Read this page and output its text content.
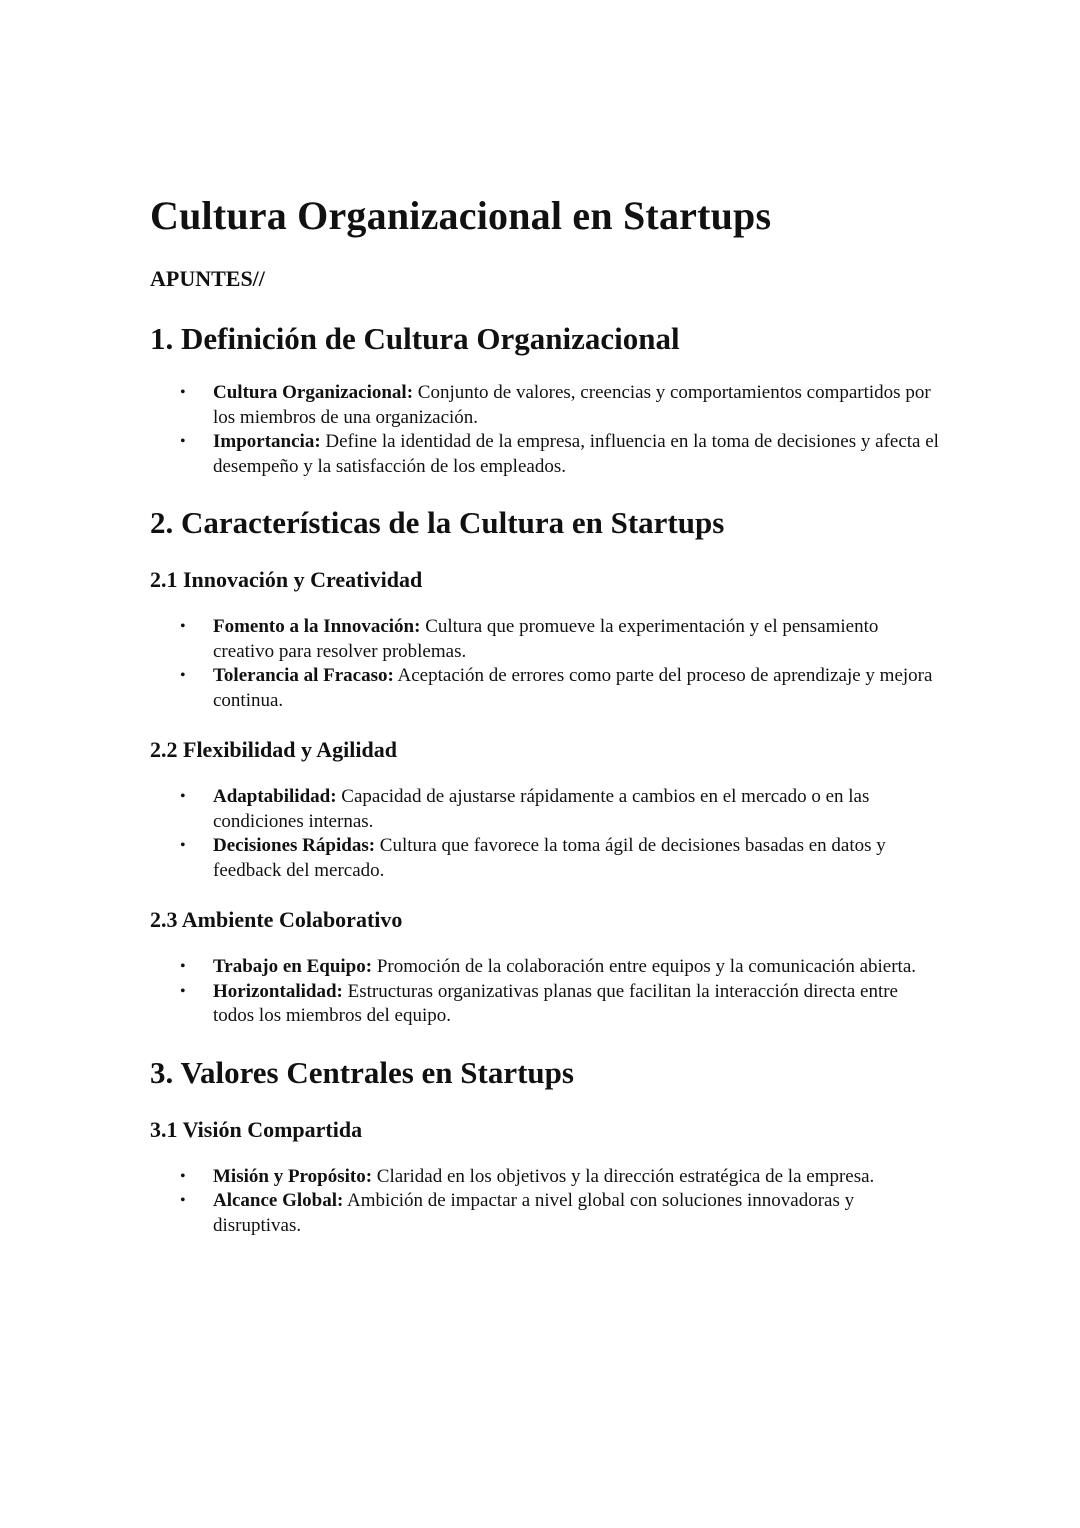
Cultura Organizacional en Startups
APUNTES//
1. Definición de Cultura Organizacional
• Cultura Organizacional: Conjunto de valores, creencias y comportamientos compartidos por los miembros de una organización.
• Importancia: Define la identidad de la empresa, influencia en la toma de decisiones y afecta el desempeño y la satisfacción de los empleados.
2. Características de la Cultura en Startups
2.1 Innovación y Creatividad
• Fomento a la Innovación: Cultura que promueve la experimentación y el pensamiento creativo para resolver problemas.
• Tolerancia al Fracaso: Aceptación de errores como parte del proceso de aprendizaje y mejora continua.
2.2 Flexibilidad y Agilidad
• Adaptabilidad: Capacidad de ajustarse rápidamente a cambios en el mercado o en las condiciones internas.
• Decisiones Rápidas: Cultura que favorece la toma ágil de decisiones basadas en datos y feedback del mercado.
2.3 Ambiente Colaborativo
• Trabajo en Equipo: Promoción de la colaboración entre equipos y la comunicación abierta.
• Horizontalidad: Estructuras organizativas planas que facilitan la interacción directa entre todos los miembros del equipo.
3. Valores Centrales en Startups
3.1 Visión Compartida
• Misión y Propósito: Claridad en los objetivos y la dirección estratégica de la empresa.
• Alcance Global: Ambición de impactar a nivel global con soluciones innovadoras y disruptivas.
